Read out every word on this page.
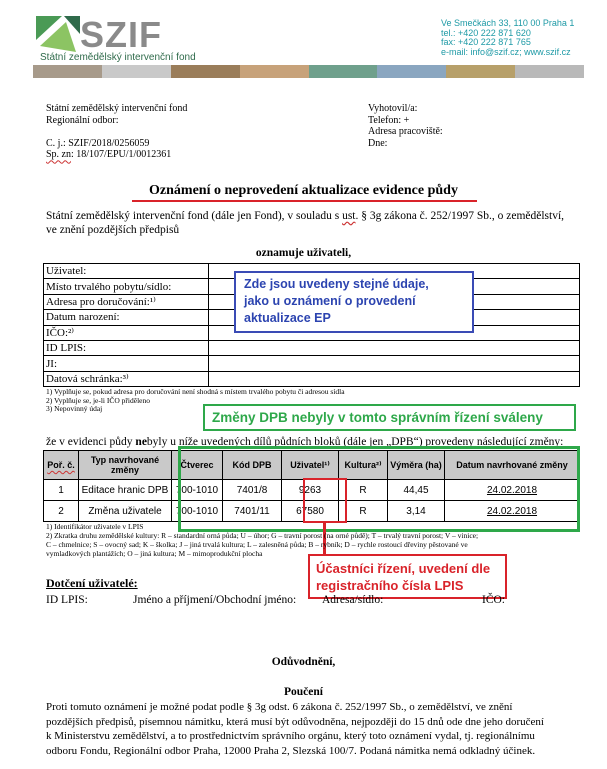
SZIF
Státní zemědělský intervenční fond
Ve Smečkách 33, 110 00 Praha 1
tel.: +420 222 871 620
fax: +420 222 871 765
e-mail: info@szif.cz; www.szif.cz
Státní zemědělský intervenční fond
Regionální odbor:
C. j.: SZIF/2018/0256059
Sp. zn: 18/107/EPU/1/0012361
Vyhotovil/a:
Telefon: +
Adresa pracoviště:
Dne:
Oznámení o neprovedení aktualizace evidence půdy
Státní zemědělský intervenční fond (dále jen Fond), v souladu s ust. § 3g zákona č. 252/1997 Sb., o zemědělství,
ve znění pozdějších předpisů
oznamuje uživateli,
Uživatel:	
Místo trvalého pobytu/sídlo:	
Adresa pro doručování:¹⁾	
Datum narození:	
IČO:²⁾	
ID LPIS:	
JI:	
Datová schránka:³⁾	
Zde jsou uvedeny stejné údaje,
jako u oznámení o provedení
aktualizace EP
1) Vyplňuje se, pokud adresa pro doručování není shodná s místem trvalého pobytu či adresou sídla
2) Vyplňuje se, je-li IČO přiděleno
3) Nepovinný údaj
Změny DPB nebyly v tomto správním řízení sváleny
že v evidenci půdy nebyly u níže uvedených dílů půdních bloků (dále jen „DPB“) provedeny následující změny:
Poř. č.	Typ navrhované změny	Čtverec	Kód DPB	Uživatel¹⁾	Kultura²⁾	Výměra (ha)	Datum navrhované změny
1	Editace hranic DPB	700-1010	7401/8	9263	R	44,45	24.02.2018
2	Změna uživatele	700-1010	7401/11	67580	R	3,14	24.02.2018
1) Identifikátor uživatele v LPIS
2) Zkratka druhu zemědělské kultury: R – standardní orná půda; U – úhor; G – travní porost (na orné půdě); T – trvalý travní porost; V – vinice;
C – chmelnice; S – ovocný sad; K – školka; J – jiná trvalá kultura; L – zalesněná půda; B – rybník; D – rychle rostoucí dřeviny pěstované ve
vymladkových plantážích; O – jiná kultura; M – mimoprodukční plocha
Účastníci řízení, uvedení dle
registračního čísla LPIS
Dotčení uživatelé:
ID LPIS:	Jméno a příjmení/Obchodní jméno: Adresa/sídlo:	IČO:
Odůvodnění,
Poučení
Proti tomuto oznámení je možné podat podle § 3g odst. 6 zákona č. 252/1997 Sb., o zemědělství, ve znění
pozdějších předpisů, písemnou námitku, která musí být odůvodněna, nejpozději do 15 dnů ode dne jeho doručení
k Ministerstvu zemědělství, a to prostřednictvím správního orgánu, který toto oznámení vydal, tj. regionálnímu
odboru Fondu, Regionální odbor Praha, 12000 Praha 2, Slezská 100/7. Podaná námitka nemá odkladný účinek.
